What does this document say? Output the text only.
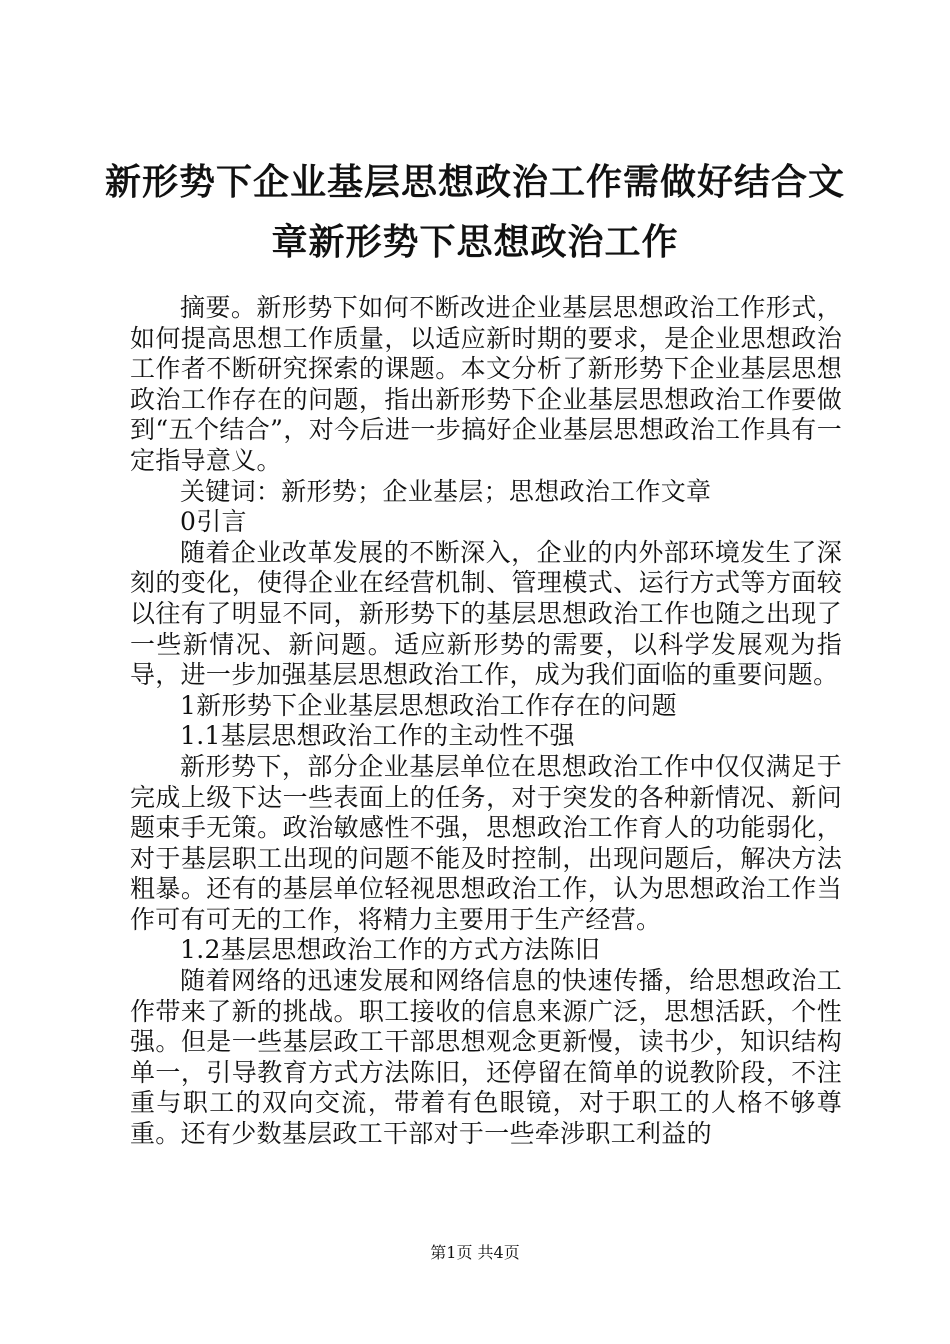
新形势下企业基层思想政治工作需做好结合文
章新形势下思想政治工作

摘要。新形势下如何不断改进企业基层思想政治工作形式，如何提高思想工作质量，以适应新时期的要求，是企业思想政治工作者不断研究探索的课题。本文分析了新形势下企业基层思想政治工作存在的问题，指出新形势下企业基层思想政治工作要做到“五个结合”，对今后进一步搞好企业基层思想政治工作具有一定指导意义。

关键词：新形势；企业基层；思想政治工作文章

0引言

随着企业改革发展的不断深入，企业的内外部环境发生了深刻的变化，使得企业在经营机制、管理模式、运行方式等方面较以往有了明显不同，新形势下的基层思想政治工作也随之出现了一些新情况、新问题。适应新形势的需要，以科学发展观为指导，进一步加强基层思想政治工作，成为我们面临的重要问题。

1新形势下企业基层思想政治工作存在的问题

1.1基层思想政治工作的主动性不强

新形势下，部分企业基层单位在思想政治工作中仅仅满足于完成上级下达一些表面上的任务，对于突发的各种新情况、新问题束手无策。政治敏感性不强，思想政治工作育人的功能弱化，对于基层职工出现的问题不能及时控制，出现问题后，解决方法粗暴。还有的基层单位轻视思想政治工作，认为思想政治工作当作可有可无的工作，将精力主要用于生产经营。

1.2基层思想政治工作的方式方法陈旧

随着网络的迅速发展和网络信息的快速传播，给思想政治工作带来了新的挑战。职工接收的信息来源广泛，思想活跃，个性强。但是一些基层政工干部思想观念更新慢，读书少，知识结构单一，引导教育方式方法陈旧，还停留在简单的说教阶段，不注重与职工的双向交流，带着有色眼镜，对于职工的人格不够尊重。还有少数基层政工干部对于一些牵涉职工利益的

第1页 共4页
